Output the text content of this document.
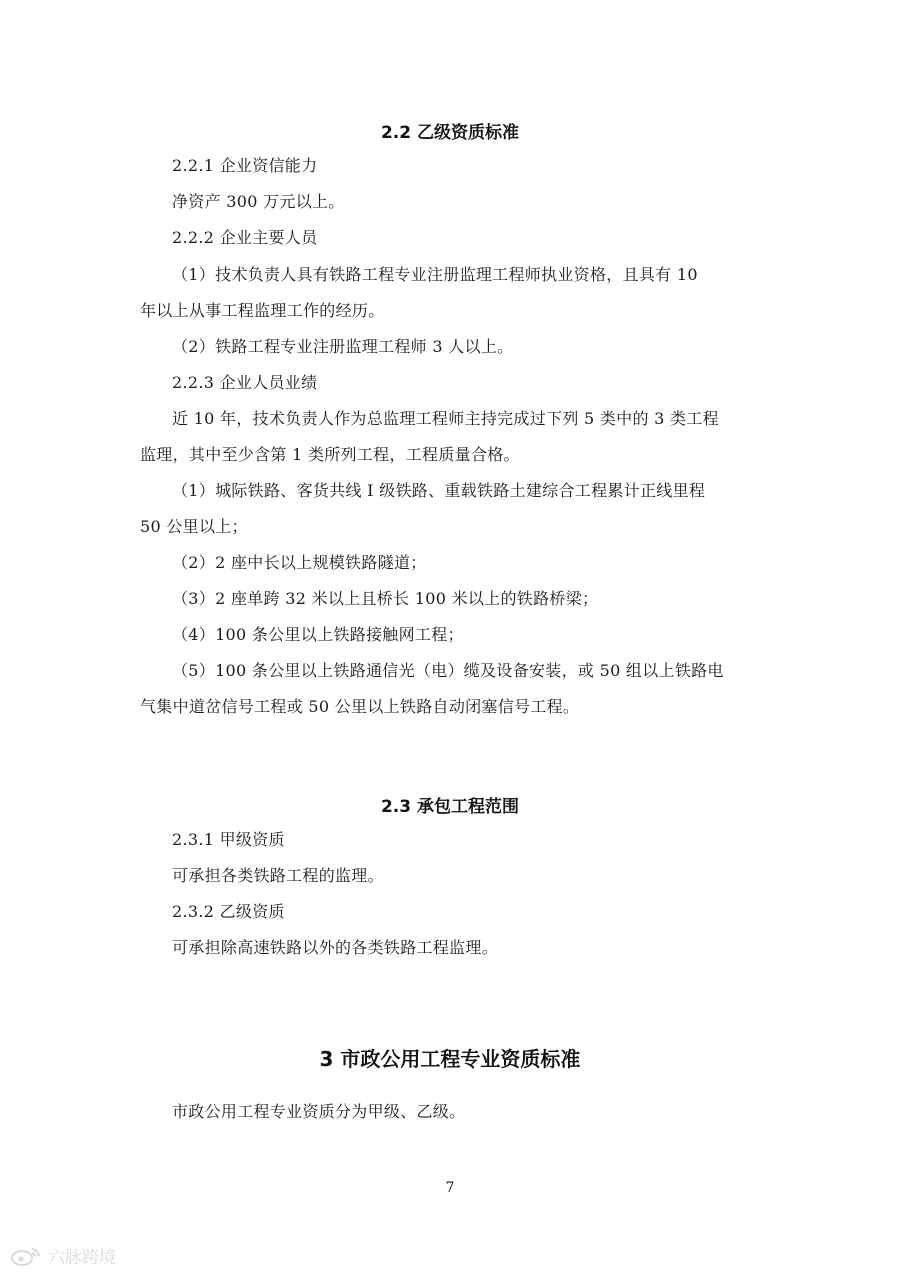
2.2 乙级资质标准
2.2.1 企业资信能力
净资产 300 万元以上。
2.2.2 企业主要人员
（1）技术负责人具有铁路工程专业注册监理工程师执业资格，且具有 10
年以上从事工程监理工作的经历。
（2）铁路工程专业注册监理工程师 3 人以上。
2.2.3 企业人员业绩
近 10 年，技术负责人作为总监理工程师主持完成过下列 5 类中的 3 类工程
监理，其中至少含第 1 类所列工程，工程质量合格。
（1）城际铁路、客货共线 Ⅰ 级铁路、重载铁路土建综合工程累计正线里程
50 公里以上；
（2）2 座中长以上规模铁路隧道；
（3）2 座单跨 32 米以上且桥长 100 米以上的铁路桥梁；
（4）100 条公里以上铁路接触网工程；
（5）100 条公里以上铁路通信光（电）缆及设备安装，或 50 组以上铁路电
气集中道岔信号工程或 50 公里以上铁路自动闭塞信号工程。
2.3 承包工程范围
2.3.1 甲级资质
可承担各类铁路工程的监理。
2.3.2 乙级资质
可承担除高速铁路以外的各类铁路工程监理。
3 市政公用工程专业资质标准
市政公用工程专业资质分为甲级、乙级。
7
六脉跨境
